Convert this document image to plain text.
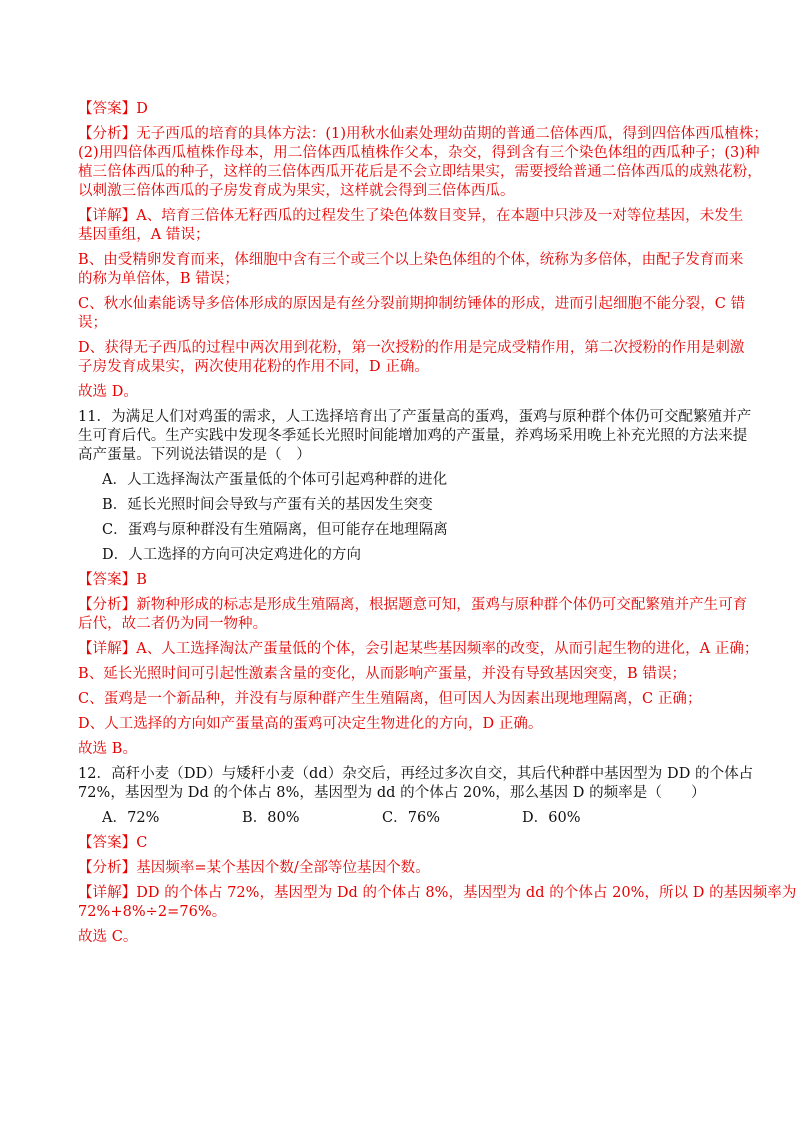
【答案】D

【分析】无子西瓜的培育的具体方法：(1)用秋水仙素处理幼苗期的普通二倍体西瓜，得到四倍体西瓜植株；

(2)用四倍体西瓜植株作母本，用二倍体西瓜植株作父本，杂交，得到含有三个染色体组的西瓜种子；(3)种

植三倍体西瓜的种子，这样的三倍体西瓜开花后是不会立即结果实，需要授给普通二倍体西瓜的成熟花粉，

以刺激三倍体西瓜的子房发育成为果实，这样就会得到三倍体西瓜。

【详解】A、培育三倍体无籽西瓜的过程发生了染色体数目变异，在本题中只涉及一对等位基因，未发生

基因重组，A 错误；

B、由受精卵发育而来，体细胞中含有三个或三个以上染色体组的个体，统称为多倍体，由配子发育而来

的称为单倍体，B 错误；

C、秋水仙素能诱导多倍体形成的原因是有丝分裂前期抑制纺锤体的形成，进而引起细胞不能分裂，C 错

误；

D、获得无子西瓜的过程中两次用到花粉，第一次授粉的作用是完成受精作用，第二次授粉的作用是刺激

子房发育成果实，两次使用花粉的作用不同，D 正确。

故选 D。

11．为满足人们对鸡蛋的需求，人工选择培育出了产蛋量高的蛋鸡，蛋鸡与原种群个体仍可交配繁殖并产

生可育后代。生产实践中发现冬季延长光照时间能增加鸡的产蛋量，养鸡场采用晚上补充光照的方法来提

高产蛋量。下列说法错误的是（　）

A．人工选择淘汰产蛋量低的个体可引起鸡种群的进化

B．延长光照时间会导致与产蛋有关的基因发生突变

C．蛋鸡与原种群没有生殖隔离，但可能存在地理隔离

D．人工选择的方向可决定鸡进化的方向

【答案】B

【分析】新物种形成的标志是形成生殖隔离，根据题意可知，蛋鸡与原种群个体仍可交配繁殖并产生可育

后代，故二者仍为同一物种。

【详解】A、人工选择淘汰产蛋量低的个体，会引起某些基因频率的改变，从而引起生物的进化，A 正确；

B、延长光照时间可引起性激素含量的变化，从而影响产蛋量，并没有导致基因突变，B 错误；

C、蛋鸡是一个新品种，并没有与原种群产生生殖隔离，但可因人为因素出现地理隔离，C 正确；

D、人工选择的方向如产蛋量高的蛋鸡可决定生物进化的方向，D 正确。

故选 B。

12．高秆小麦（DD）与矮秆小麦（dd）杂交后，再经过多次自交，其后代种群中基因型为 DD 的个体占

72%，基因型为 Dd 的个体占 8%，基因型为 dd 的个体占 20%，那么基因 D 的频率是（　　）

A．72%	B．80%	C．76%	D．60%

【答案】C

【分析】基因频率=某个基因个数/全部等位基因个数。

【详解】DD 的个体占 72%，基因型为 Dd 的个体占 8%，基因型为 dd 的个体占 20%，所以 D 的基因频率为

72%+8%÷2=76%。

故选 C。
